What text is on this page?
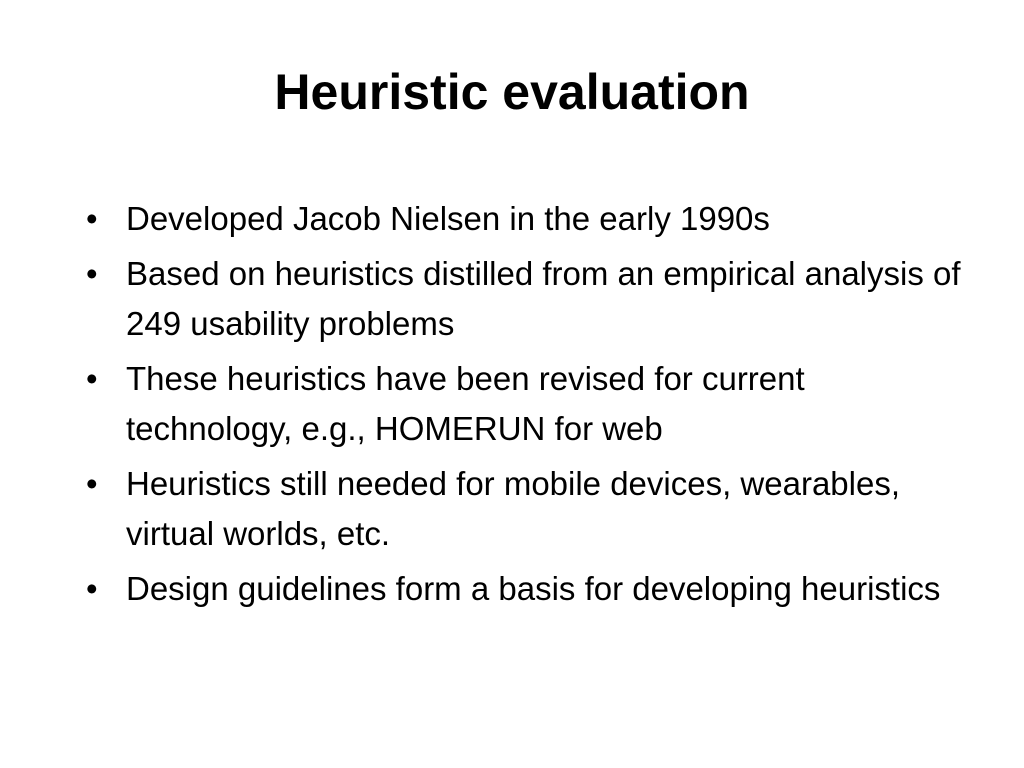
Heuristic evaluation
• Developed Jacob Nielsen in the early 1990s
• Based on heuristics distilled from an empirical analysis of 249 usability problems
• These heuristics have been revised for current technology, e.g., HOMERUN for web
• Heuristics still needed for mobile devices, wearables, virtual worlds, etc.
• Design guidelines form a basis for developing heuristics
